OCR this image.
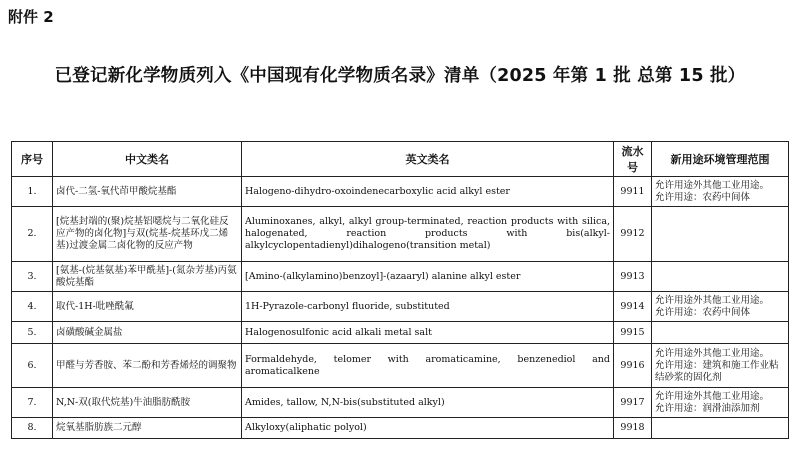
附件 2
已登记新化学物质列入《中国现有化学物质名录》清单（2025 年第 1 批 总第 15 批）
序号	中文类名	英文类名	流水号	新用途环境管理范围
1.	卤代-二氢-氧代茚甲酸烷基酯	Halogeno-dihydro-oxoindenecarboxylic acid alkyl ester	9911	允许用途外其他工业用途。
允许用途：农药中间体

2.	[烷基封端的(聚)烷基铝噁烷与二氧化硅反应产物的卤化物]与双(烷基-烷基环戊二烯基)过渡金属二卤化物的反应产物	Aluminoxanes, alkyl, alkyl group-terminated, reaction products with silica, halogenated, reaction products with bis(alkyl-alkylcyclopentadienyl)dihalogeno(transition metal)	9912	
3.	[氨基-(烷基氨基)苯甲酰基]-(氮杂芳基)丙氨酸烷基酯	[Amino-(alkylamino)benzoyl]-(azaaryl) alanine alkyl ester	9913	
4.	取代-1H-吡唑酰氟	1H-Pyrazole-carbonyl fluoride, substituted	9914	允许用途外其他工业用途。
允许用途：农药中间体

5.	卤磺酸碱金属盐	Halogenosulfonic acid alkali metal salt	9915	
6.	甲醛与芳香胺、苯二酚和芳香烯烃的调聚物	Formaldehyde, telomer with aromaticamine, benzenediol and aromaticalkene	9916	允许用途外其他工业用途。
允许用途：建筑和施工作业粘结砂浆的固化剂

7.	N,N-双(取代烷基)牛油脂肪酰胺	Amides, tallow, N,N-bis(substituted alkyl)	9917	允许用途外其他工业用途。
允许用途：润滑油添加剂

8.	烷氧基脂肪族二元醇	Alkyloxy(aliphatic polyol)	9918	
